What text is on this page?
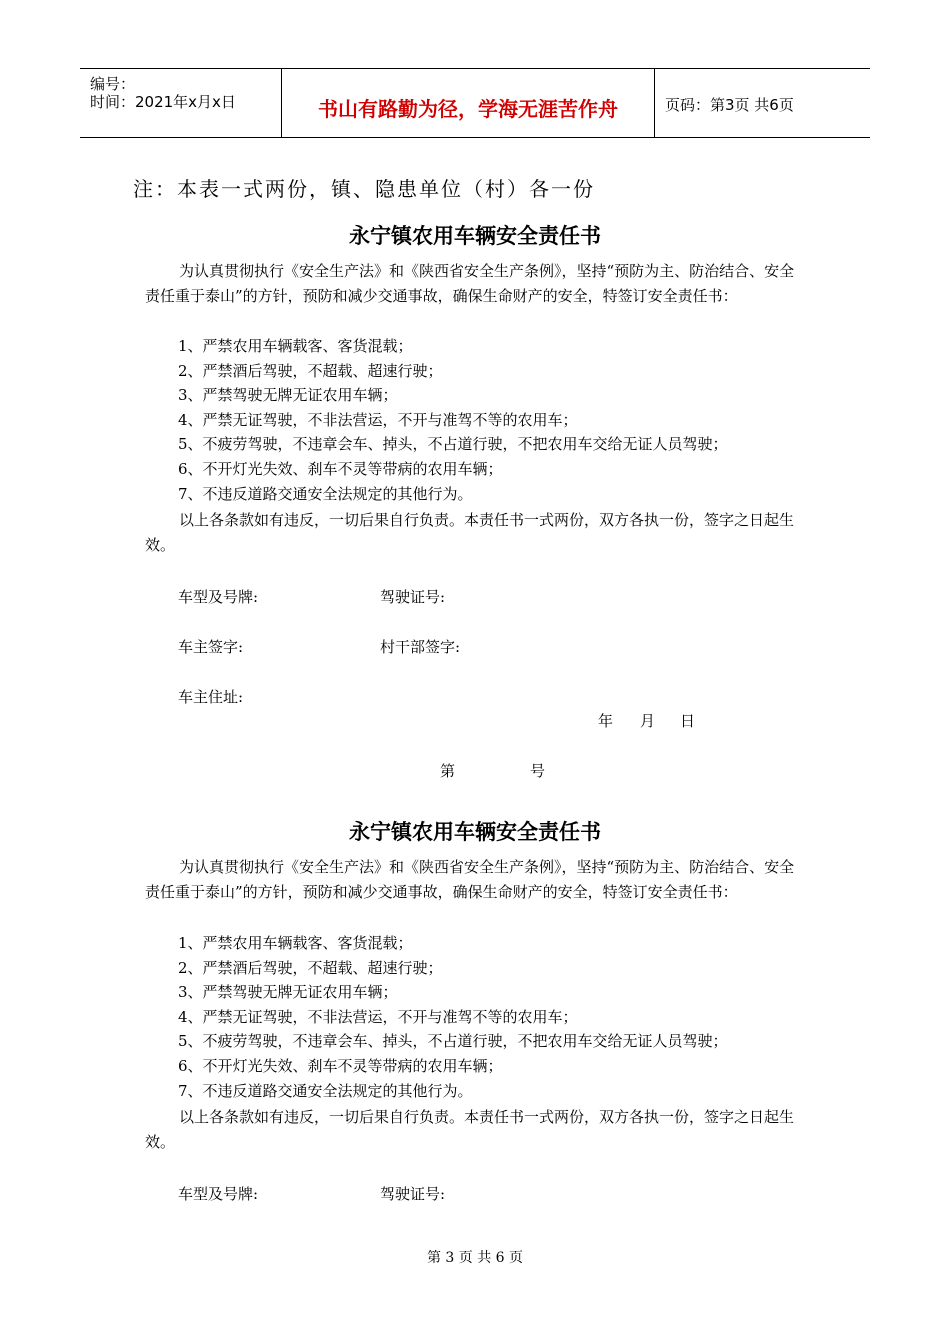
编号：
时间：2021年x月x日	书山有路勤为径，学海无涯苦作舟	页码：第3页 共6页
注：本表一式两份，镇、隐患单位（村）各一份
永宁镇农用车辆安全责任书
为认真贯彻执行《安全生产法》和《陕西省安全生产条例》，坚持“预防为主、防治结合、安全责任重于泰山”的方针，预防和减少交通事故，确保生命财产的安全，特签订安全责任书：
1、严禁农用车辆载客、客货混载；
2、严禁酒后驾驶，不超载、超速行驶；
3、严禁驾驶无牌无证农用车辆；
4、严禁无证驾驶，不非法营运，不开与准驾不等的农用车；
5、不疲劳驾驶，不违章会车、掉头，不占道行驶，不把农用车交给无证人员驾驶；
6、不开灯光失效、刹车不灵等带病的农用车辆；
7、不违反道路交通安全法规定的其他行为。
以上各条款如有违反，一切后果自行负责。本责任书一式两份，双方各执一份，签字之日起生效。
车型及号牌:	驾驶证号:
车主签字:	村干部签字:
车主住址:
年 月 日
第	号
永宁镇农用车辆安全责任书
为认真贯彻执行《安全生产法》和《陕西省安全生产条例》，坚持“预防为主、防治结合、安全责任重于泰山”的方针，预防和减少交通事故，确保生命财产的安全，特签订安全责任书：
1、严禁农用车辆载客、客货混载；
2、严禁酒后驾驶，不超载、超速行驶；
3、严禁驾驶无牌无证农用车辆；
4、严禁无证驾驶，不非法营运，不开与准驾不等的农用车；
5、不疲劳驾驶，不违章会车、掉头，不占道行驶，不把农用车交给无证人员驾驶；
6、不开灯光失效、刹车不灵等带病的农用车辆；
7、不违反道路交通安全法规定的其他行为。
以上各条款如有违反，一切后果自行负责。本责任书一式两份，双方各执一份，签字之日起生效。
车型及号牌:	驾驶证号:
第 3 页 共 6 页
